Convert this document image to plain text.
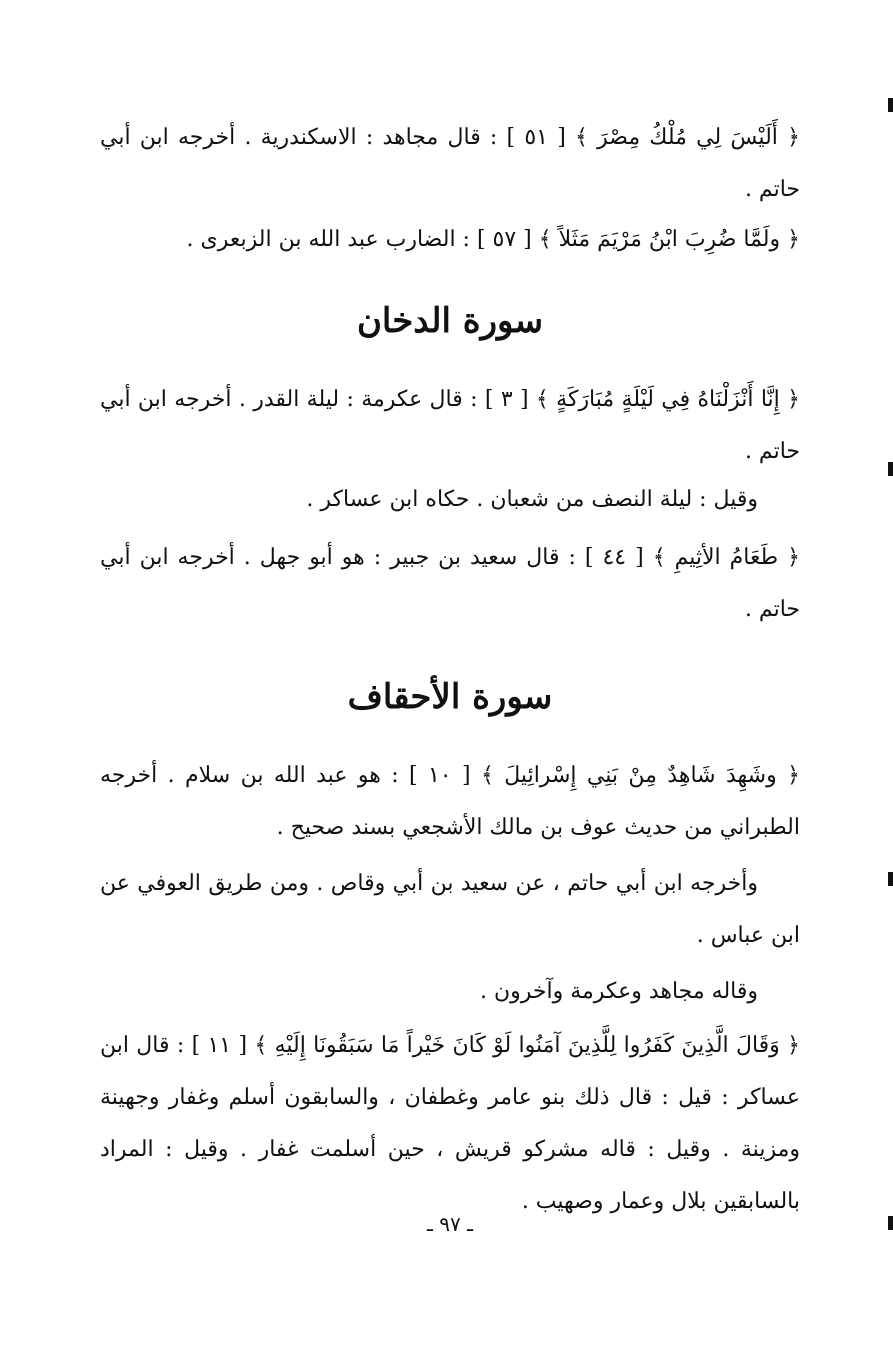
﴿ أَلَيْسَ لِي مُلْكُ مِصْرَ ﴾ [ ٥١ ] : قال مجاهد : الاسكندرية . أخرجه ابن أبي حاتم .

﴿ ولَمَّا ضُرِبَ ابْنُ مَرْيَمَ مَثَلاً ﴾ [ ٥٧ ] : الضارب عبد الله بن الزبعرى .

سورة الدخان

﴿ إِنَّا أَنْزَلْنَاهُ فِي لَيْلَةٍ مُبَارَكَةٍ ﴾ [ ٣ ] : قال عكرمة : ليلة القدر . أخرجه ابن أبي حاتم .

وقيل : ليلة النصف من شعبان . حكاه ابن عساكر .

﴿ طَعَامُ الأثِيمِ ﴾ [ ٤٤ ] : قال سعيد بن جبير : هو أبو جهل . أخرجه ابن أبي حاتم .

سورة الأحقاف

﴿ وشَهِدَ شَاهِدٌ مِنْ بَنِي إِسْرائِيلَ ﴾ [ ١٠ ] : هو عبد الله بن سلام . أخرجه الطبراني من حديث عوف بن مالك الأشجعي بسند صحيح .

وأخرجه ابن أبي حاتم ، عن سعيد بن أبي وقاص . ومن طريق العوفي عن ابن عباس .

وقاله مجاهد وعكرمة وآخرون .

﴿ وَقَالَ الَّذِينَ كَفَرُوا لِلَّذِينَ آمَنُوا لَوْ كَانَ خَيْراً مَا سَبَقُونَا إِلَيْهِ ﴾ [ ١١ ] : قال ابن عساكر : قيل : قال ذلك بنو عامر وغطفان ، والسابقون أسلم وغفار وجهينة ومزينة . وقيل : قاله مشركو قريش ، حين أسلمت غفار . وقيل : المراد بالسابقين بلال وعمار وصهيب .

ـ ٩٧ ـ
